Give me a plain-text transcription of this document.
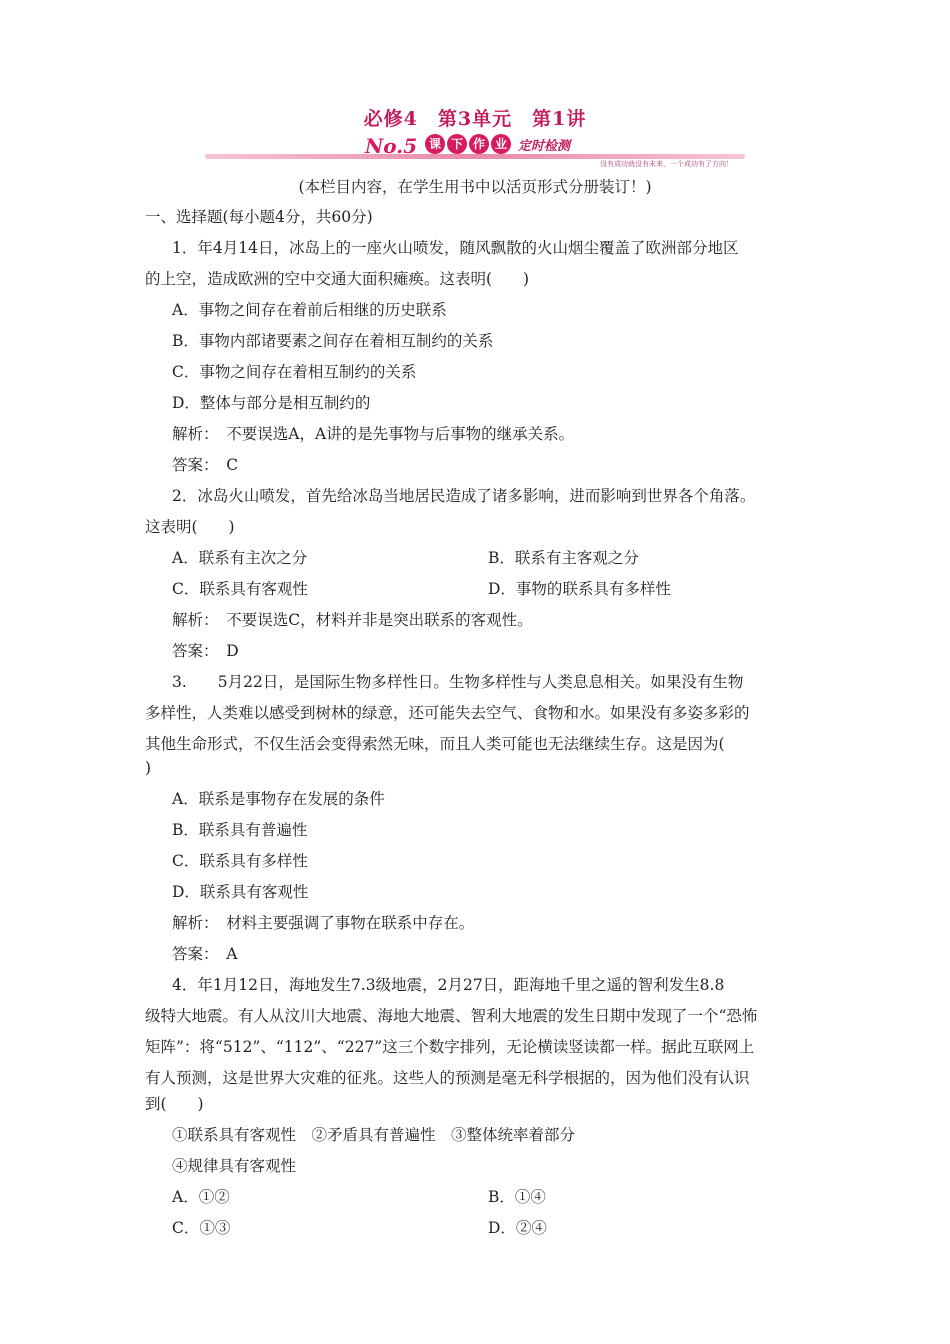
必修4　第3单元　第1讲
No.5 课 下 作 业 定时检测
没有成功就没有未来，一个成功有了方向！
(本栏目内容，在学生用书中以活页形式分册装订！)
一、选择题(每小题4分，共60分)
1．年4月14日，冰岛上的一座火山喷发，随风飘散的火山烟尘覆盖了欧洲部分地区
的上空，造成欧洲的空中交通大面积瘫痪。这表明(　　)
A．事物之间存在着前后相继的历史联系
B．事物内部诸要素之间存在着相互制约的关系
C．事物之间存在着相互制约的关系
D．整体与部分是相互制约的
解析：　不要误选A，A讲的是先事物与后事物的继承关系。
答案：　C
2．冰岛火山喷发，首先给冰岛当地居民造成了诸多影响，进而影响到世界各个角落。
这表明(　　)
A．联系有主次之分	B．联系有主客观之分
C．联系具有客观性	D．事物的联系具有多样性
解析：　不要误选C，材料并非是突出联系的客观性。
答案：　D
3.　　5月22日，是国际生物多样性日。生物多样性与人类息息相关。如果没有生物
多样性，人类难以感受到树林的绿意，还可能失去空气、食物和水。如果没有多姿多彩的
其他生命形式，不仅生活会变得索然无味，而且人类可能也无法继续生存。这是因为(
)
A．联系是事物存在发展的条件
B．联系具有普遍性
C．联系具有多样性
D．联系具有客观性
解析：　材料主要强调了事物在联系中存在。
答案：　A
4．年1月12日，海地发生7.3级地震，2月27日，距海地千里之遥的智利发生8.8
级特大地震。有人从汶川大地震、海地大地震、智利大地震的发生日期中发现了一个“恐怖
矩阵”：将“512”、“112”、“227”这三个数字排列，无论横读竖读都一样。据此互联网上
有人预测，这是世界大灾难的征兆。这些人的预测是毫无科学根据的，因为他们没有认识
到(　　)
①联系具有客观性　②矛盾具有普遍性　③整体统率着部分
④规律具有客观性
A．①②	B．①④
C．①③	D．②④
